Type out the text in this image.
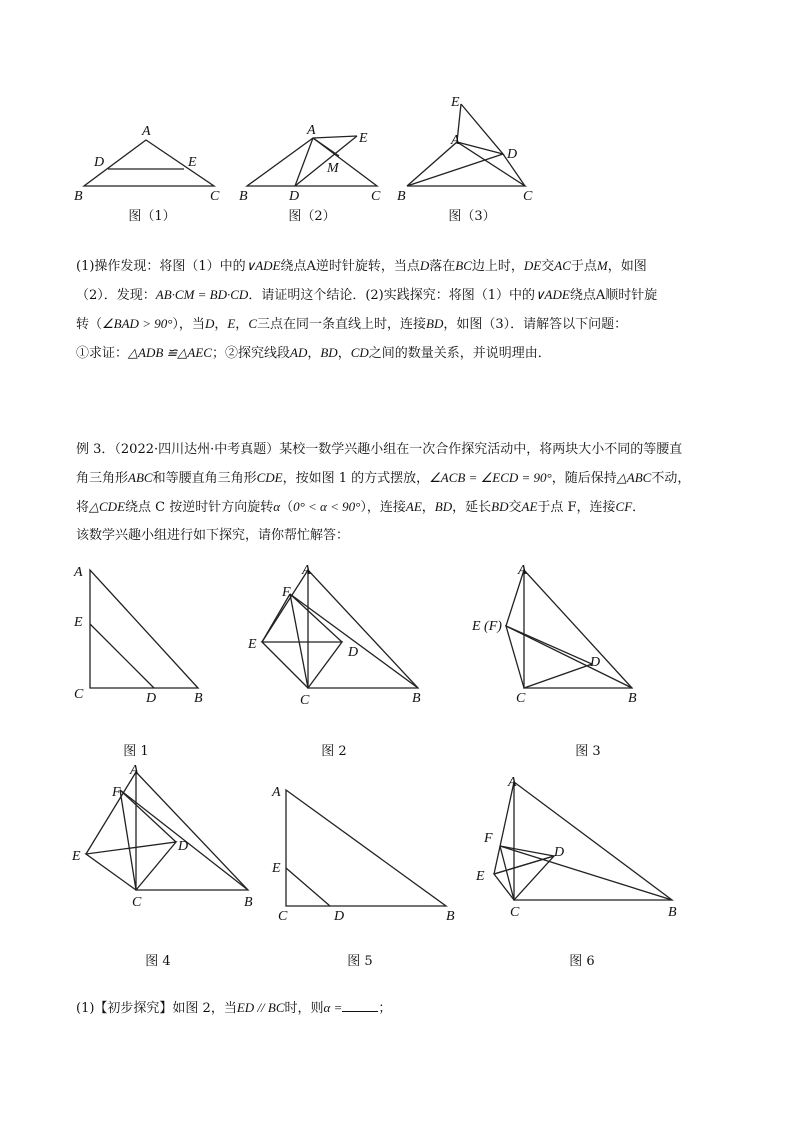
A
D	E
B	C
图（1）
A
E
M
B	D	C
图（2）
E
A
D
B	C
图（3）
(1)操作发现：将图（1）中的∨ADE绕点A逆时针旋转，当点D落在BC边上时，DE交AC于点M，如图
（2）．发现：AB·CM = BD·CD．请证明这个结论．(2)实践探究：将图（1）中的∨ADE绕点A顺时针旋
转（∠BAD > 90°），当D，E，C三点在同一条直线上时，连接BD，如图（3）．请解答以下问题：
①求证：△ADB ≌△AEC；②探究线段AD，BD，CD之间的数量关系，并说明理由．
例 3．（2022·四川达州·中考真题）某校一数学兴趣小组在一次合作探究活动中，将两块大小不同的等腰直
角三角形ABC和等腰直角三角形CDE，按如图 1 的方式摆放，∠ACB = ∠ECD = 90°，随后保持△ABC不动，
将△CDE绕点 C 按逆时针方向旋转α（0° < α < 90°），连接AE，BD，延长BD交AE于点 F，连接CF．
该数学兴趣小组进行如下探究，请你帮忙解答：
A
E
C	D	B
图 1
A
F
E
D
C	B
图 2
A
E (F)
D
C	B
图 3
A
F
E
D
C	B
图 4
A
E
C	D	B
图 5
A
F
E
D
C	B
图 6
(1)【初步探究】如图 2，当ED // BC时，则α =	；
